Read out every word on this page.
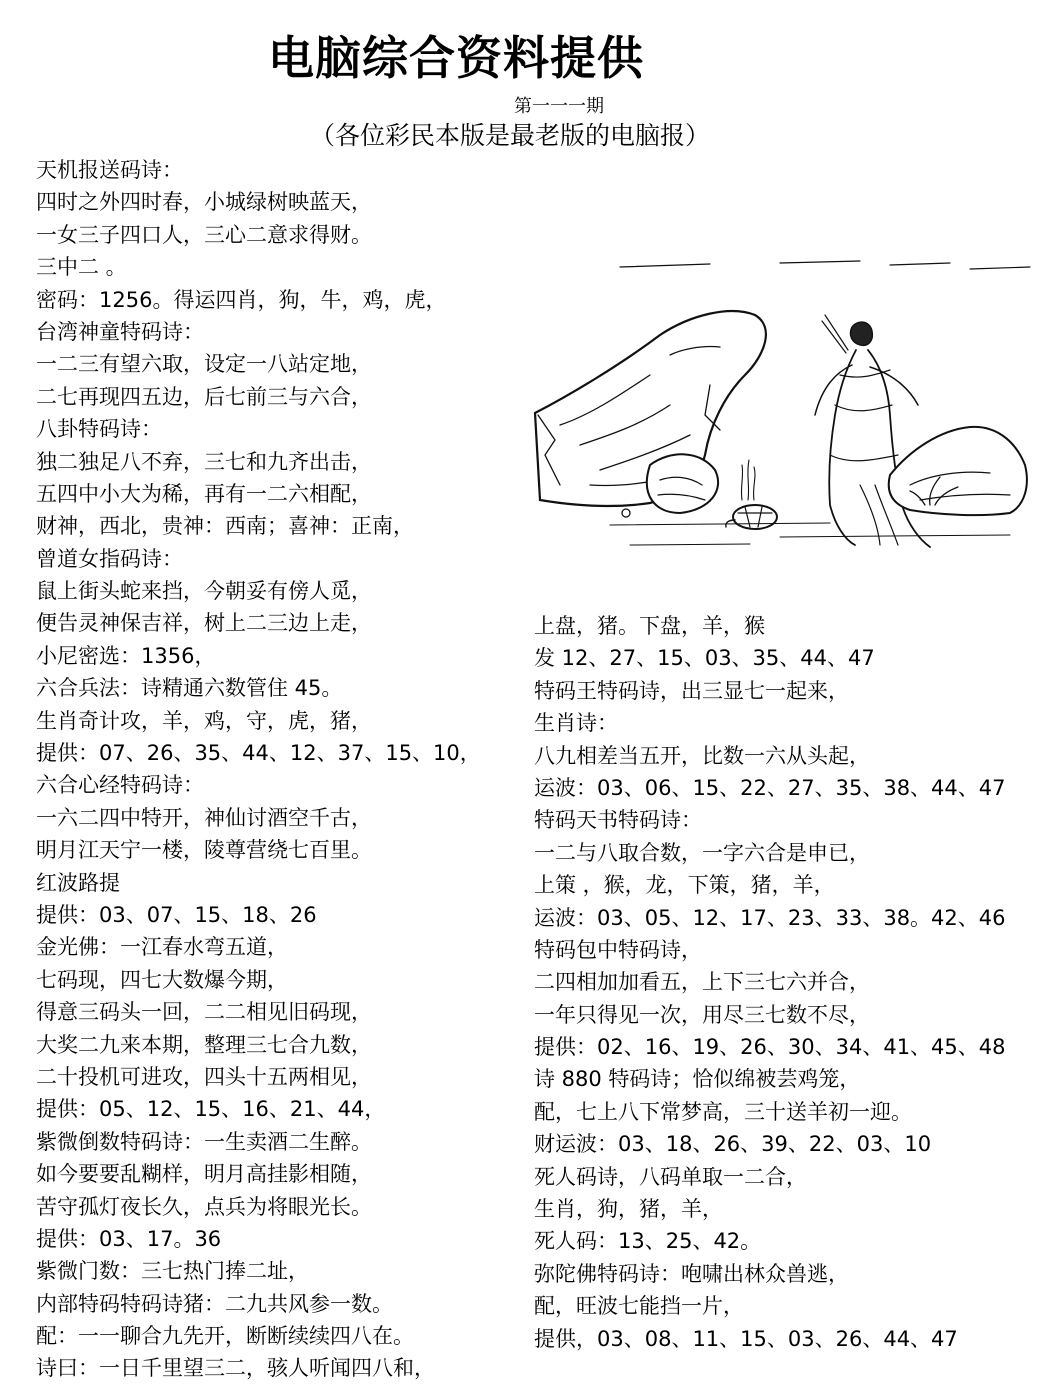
电脑综合资料提供
第一一一期
（各位彩民本版是最老版的电脑报）
天机报送码诗：
四时之外四时春，小城绿树映蓝天，
一女三子四口人，三心二意求得财。
三中二 。
密码：1256。得运四肖，狗，牛，鸡，虎，
台湾神童特码诗：
一二三有望六取，设定一八站定地，
二七再现四五边，后七前三与六合，
八卦特码诗：
独二独足八不弃，三七和九齐出击，
五四中小大为稀，再有一二六相配，
财神，西北，贵神：西南；喜神：正南，
曾道女指码诗：
鼠上街头蛇来挡，今朝妥有傍人觅，
便告灵神保吉祥，树上二三边上走，
小尼密选：1356，
六合兵法：诗精通六数管住 45。
生肖奇计攻，羊，鸡，守，虎，猪，
提供：07、26、35、44、12、37、15、10，
六合心经特码诗：
一六二四中特开，神仙讨酒空千古，
明月江天宁一楼，陵尊营绕七百里。
红波路提
提供：03、07、15、18、26
金光佛：一江春水弯五道，
七码现，四七大数爆今期，
得意三码头一回，二二相见旧码现，
大奖二九来本期，整理三七合九数，
二十投机可进攻，四头十五两相见，
提供：05、12、15、16、21、44，
紫微倒数特码诗：一生卖酒二生醉。
如今要要乱糊样，明月高挂影相随，
苦守孤灯夜长久，点兵为将眼光长。
提供：03、17。36
紫微门数：三七热门捧二址，
内部特码特码诗猪：二九共风参一数。
配：一一聊合九先开，断断续续四八在。
诗曰：一日千里望三二，骇人听闻四八和，
上盘，猪。下盘，羊，猴
发 12、27、15、03、35、44、47
特码王特码诗，出三显七一起来，
生肖诗：
八九相差当五开，比数一六从头起，
运波：03、06、15、22、27、35、38、44、47
特码天书特码诗：
一二与八取合数，一字六合是申已，
上策 ，猴，龙，下策，猪，羊，
运波：03、05、12、17、23、33、38。42、46
特码包中特码诗，
二四相加加看五，上下三七六并合，
一年只得见一次，用尽三七数不尽，
提供：02、16、19、26、30、34、41、45、48
诗 880 特码诗；恰似绵被芸鸡笼，
配，七上八下常梦高，三十送羊初一迎。
财运波：03、18、26、39、22、03、10
死人码诗，八码单取一二合，
生肖，狗，猪，羊，
死人码：13、25、42。
弥陀佛特码诗：咆啸出林众兽逃，
配，旺波七能挡一片，
提供，03、08、11、15、03、26、44、47
